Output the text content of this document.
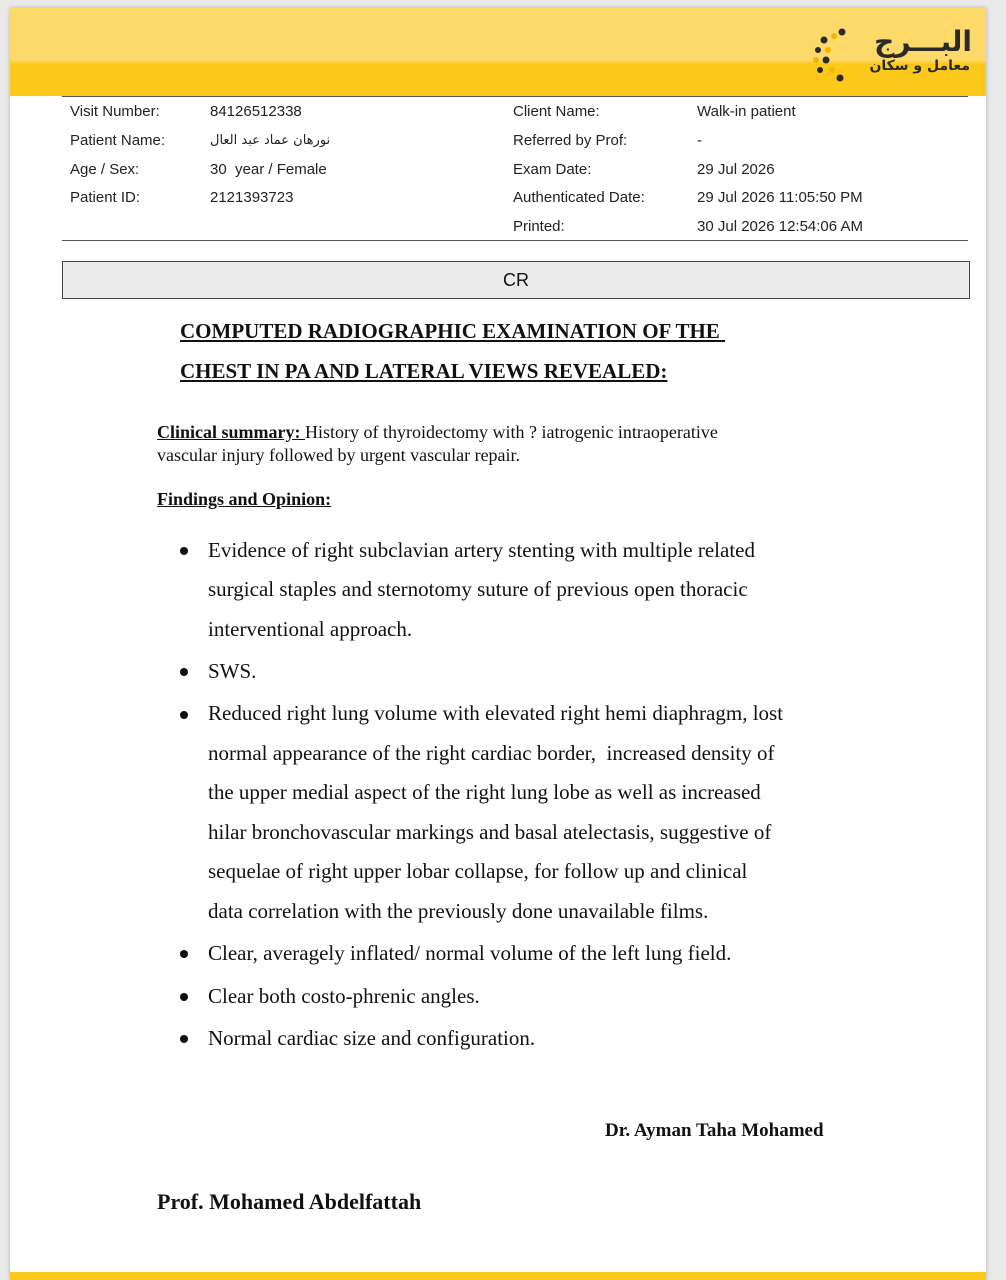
البـــرج
معامل و سكان
Visit Number:	84126512338
Patient Name:	نورهان عماد عبد العال
Age / Sex:	30  year / Female
Patient ID:	2121393723
Client Name:	Walk-in patient
Referred by Prof:	-
Exam Date:	29 Jul 2026
Authenticated Date:	29 Jul 2026 11:05:50 PM
Printed:	30 Jul 2026 12:54:06 AM
CR
COMPUTED RADIOGRAPHIC EXAMINATION OF THE
CHEST IN PA AND LATERAL VIEWS REVEALED:
Clinical summary: History of thyroidectomy with ? iatrogenic intraoperative
vascular injury followed by urgent vascular repair.
Findings and Opinion:
Evidence of right subclavian artery stenting with multiple related
surgical staples and sternotomy suture of previous open thoracic
interventional approach.
SWS.
Reduced right lung volume with elevated right hemi diaphragm, lost
normal appearance of the right cardiac border,  increased density of
the upper medial aspect of the right lung lobe as well as increased
hilar bronchovascular markings and basal atelectasis, suggestive of
sequelae of right upper lobar collapse, for follow up and clinical
data correlation with the previously done unavailable films.
Clear, averagely inflated/ normal volume of the left lung field.
Clear both costo-phrenic angles.
Normal cardiac size and configuration.
Dr. Ayman Taha Mohamed
Prof. Mohamed Abdelfattah
